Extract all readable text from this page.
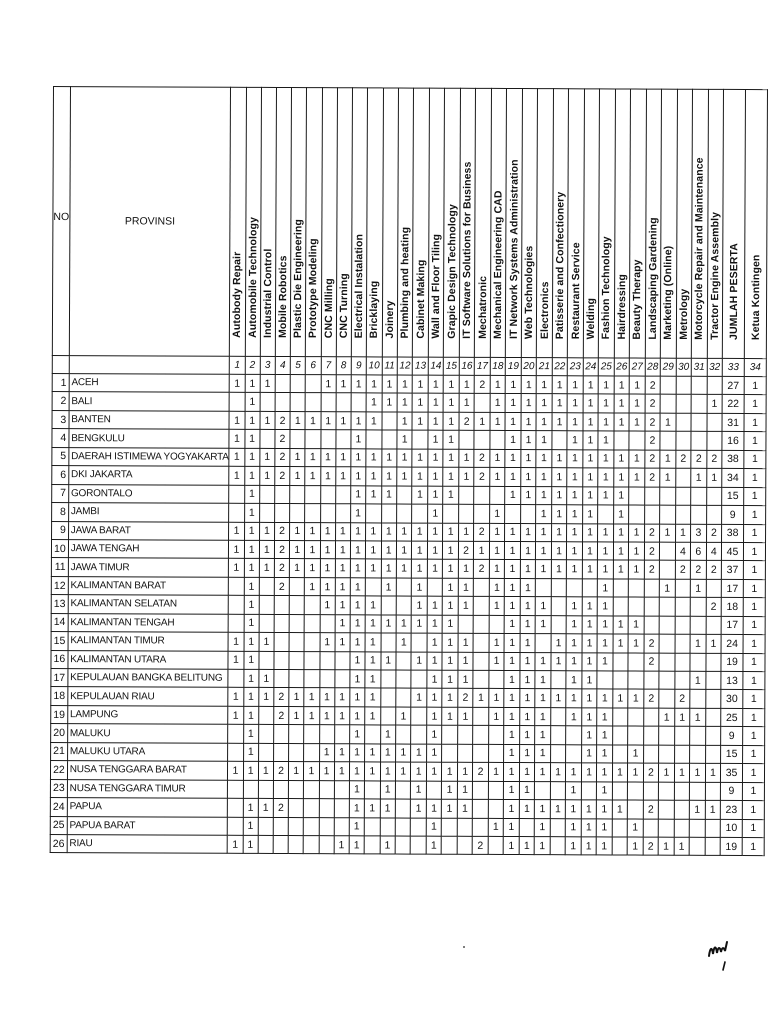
NO	PROVINSI	Autobody Repair	Automobile Technology	Industrial Control	Mobile Robotics	Plastic Die Engineering	Prototype Modeling	CNC Milling	CNC Turning	Electrical Instalation	Bricklaying	Joinery	Plumbing and heating	Cabinet Making	Wall and Floor Tiling	Grapic Design Technology	IT Software Solutions for Business	Mechatronic	Mechanical Engineering CAD	IT Network Systems Administration	Web Technologies	Electronics	Patisserie and Confectionery	Restaurant Service	Welding	Fashion Technology	Hairdressing	Beauty Therapy	Landscaping Gardening	Marketing (Online)	Metrology	Motorcycle Repair and Maintenance	Tractor Engine Assembly	JUMLAH PESERTA	Ketua Kontingen

		1	2	3	4	5	6	7	8	9	10	11	12	13	14	15	16	17	18	19	20	21	22	23	24	25	26	27	28	29	30	31	32	33	34
1	ACEH	1	1	1				1	1	1	1	1	1	1	1	1	1	2	1	1	1	1	1	1	1	1	1	1	2					27	1
2	BALI		1								1	1	1	1	1	1	1		1	1	1	1	1	1	1	1	1	1	2				1	22	1
3	BANTEN	1	1	1	2	1	1	1	1	1	1		1	1	1	1	2	1	1	1	1	1	1	1	1	1	1	1	2	1				31	1
4	BENGKULU	1	1		2					1			1		1	1				1	1	1		1	1	1			2					16	1
5	DAERAH ISTIMEWA YOGYAKARTA	1	1	1	2	1	1	1	1	1	1	1	1	1	1	1	1	2	1	1	1	1	1	1	1	1	1	1	2	1	2	2	2	38	1
6	DKI JAKARTA	1	1	1	2	1	1	1	1	1	1	1	1	1	1	1	1	2	1	1	1	1	1	1	1	1	1	1	2	1		1	1	34	1
7	GORONTALO		1							1	1	1		1	1	1				1	1	1	1	1	1	1	1							15	1
8	JAMBI		1							1					1				1			1	1	1	1		1							9	1
9	JAWA BARAT	1	1	1	2	1	1	1	1	1	1	1	1	1	1	1	1	2	1	1	1	1	1	1	1	1	1	1	2	1	1	3	2	38	1
10	JAWA TENGAH	1	1	1	2	1	1	1	1	1	1	1	1	1	1	1	2	1	1	1	1	1	1	1	1	1	1	1	2		4	6	4	45	1
11	JAWA TIMUR	1	1	1	2	1	1	1	1	1	1	1	1	1	1	1	1	2	1	1	1	1	1	1	1	1	1	1	2		2	2	2	37	1
12	KALIMANTAN BARAT		1		2		1	1	1	1		1		1		1	1		1	1	1					1				1		1		17	1
13	KALIMANTAN SELATAN		1					1	1	1	1			1	1	1	1		1	1	1	1		1	1	1							2	18	1
14	KALIMANTAN TENGAH		1						1	1	1	1	1	1	1	1				1	1	1		1	1	1	1	1						17	1
15	KALIMANTAN TIMUR	1	1	1				1	1	1	1		1		1	1	1		1	1	1		1	1	1	1	1	1	2			1	1	24	1
16	KALIMANTAN UTARA	1	1							1	1	1		1	1	1	1		1	1	1	1	1	1	1	1			2					19	1
17	KEPULAUAN BANGKA BELITUNG		1	1						1	1				1	1	1			1	1	1		1	1							1		13	1
18	KEPULAUAN RIAU	1	1	1	2	1	1	1	1	1	1			1	1	1	2	1	1	1	1	1	1	1	1	1	1	1	2		2			30	1
19	LAMPUNG	1	1		2	1	1	1	1	1	1		1		1	1	1		1	1	1	1		1	1	1				1	1	1		25	1
20	MALUKU		1							1		1			1					1	1	1			1	1								9	1
21	MALUKU UTARA		1					1	1	1	1	1	1	1	1					1	1	1			1	1		1						15	1
22	NUSA TENGGARA BARAT	1	1	1	2	1	1	1	1	1	1	1	1	1	1	1	1	2	1	1	1	1	1	1	1	1	1	1	2	1	1	1	1	35	1
23	NUSA TENGGARA TIMUR									1		1		1		1	1			1	1			1		1								9	1
24	PAPUA		1	1	2					1	1	1		1	1	1	1			1	1	1	1	1	1	1	1		2			1	1	23	1
25	PAPUA BARAT		1							1					1				1	1		1		1	1	1		1						10	1
26	RIAU	1	1						1	1		1			1			2		1	1	1		1	1	1		1	2	1	1			19	1
